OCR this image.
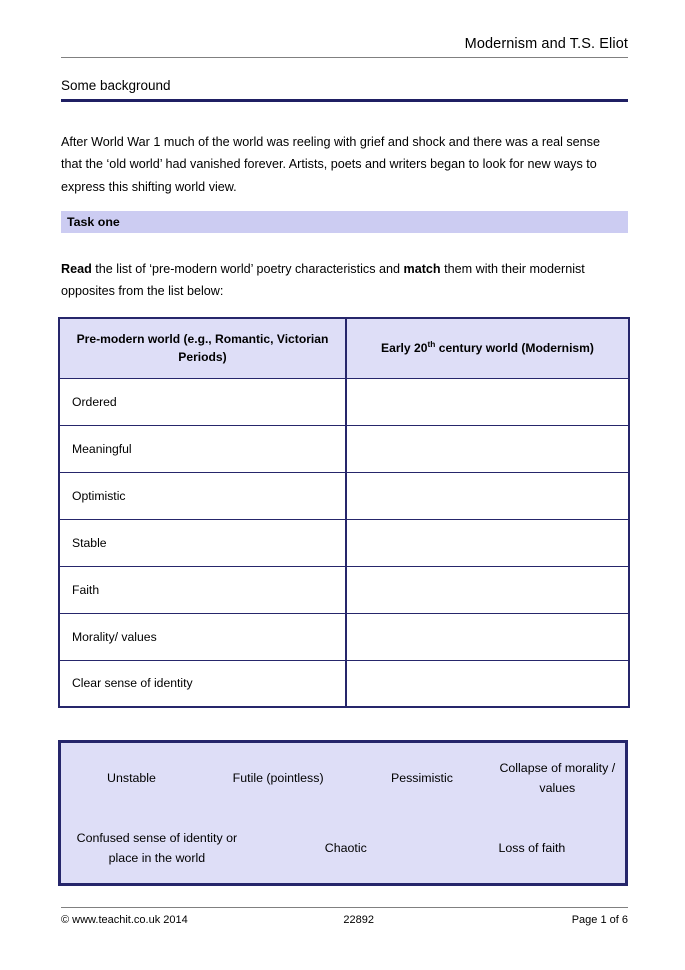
Modernism and T.S. Eliot
Some background

After World War 1 much of the world was reeling with grief and shock and there was a real sense that the ‘old world’ had vanished forever. Artists, poets and writers began to look for new ways to express this shifting world view.

Task one

Read the list of ‘pre-modern world’ poetry characteristics and match them with their modernist opposites from the list below:

Pre-modern world (e.g., Romantic, Victorian Periods)	Early 20th century world (Modernism)
Ordered	
Meaningful	
Optimistic	
Stable	
Faith	
Morality/ values	
Clear sense of identity	
Unstable	Futile (pointless)	Pessimistic
Collapse of morality / values
Confused sense of identity or place in the world
Chaotic	Loss of faith
© www.teachit.co.uk 2014	22892	Page 1 of 6
